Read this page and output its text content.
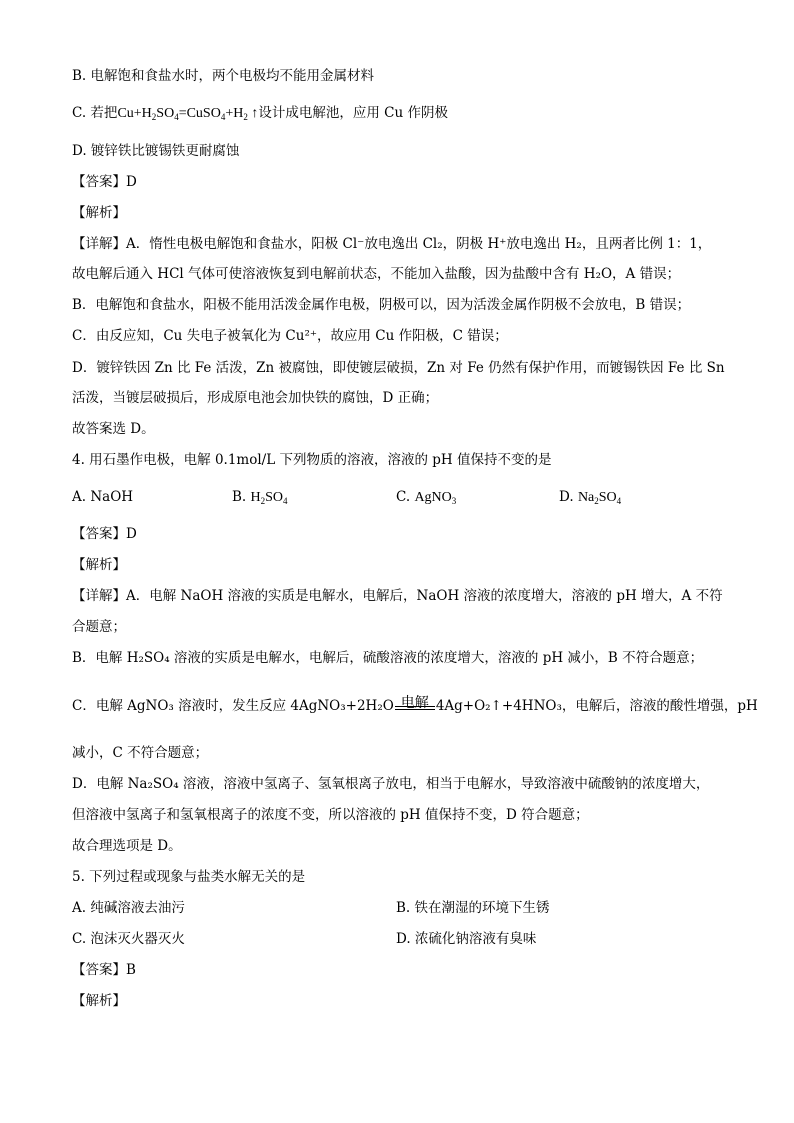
B. 电解饱和食盐水时，两个电极均不能用金属材料
C. 若把$Cu+H_2SO_4=CuSO_4+H_2$ ↑设计成电解池，应用 Cu 作阴极
D. 镀锌铁比镀锡铁更耐腐蚀
【答案】D
【解析】
【详解】A．惰性电极电解饱和食盐水，阳极 Cl⁻放电逸出 Cl₂，阴极 H⁺放电逸出 H₂，且两者比例 1：1，
故电解后通入 HCl 气体可使溶液恢复到电解前状态，不能加入盐酸，因为盐酸中含有 H₂O，A 错误；
B．电解饱和食盐水，阳极不能用活泼金属作电极，阴极可以，因为活泼金属作阴极不会放电，B 错误；
C．由反应知，Cu 失电子被氧化为 Cu²⁺，故应用 Cu 作阳极，C 错误；
D．镀锌铁因 Zn 比 Fe 活泼，Zn 被腐蚀，即使镀层破损，Zn 对 Fe 仍然有保护作用，而镀锡铁因 Fe 比 Sn
活泼，当镀层破损后，形成原电池会加快铁的腐蚀，D 正确；
故答案选 D。
4. 用石墨作电极，电解 0.1mol/L 下列物质的溶液，溶液的 pH 值保持不变的是
A. NaOH	B. $H_2SO_4$	C. AgNO$_3$	D. $Na_2SO_4$
【答案】D
【解析】
【详解】A．电解 NaOH 溶液的实质是电解水，电解后，NaOH 溶液的浓度增大，溶液的 pH 增大，A 不符
合题意；
B．电解 H₂SO₄ 溶液的实质是电解水，电解后，硫酸溶液的浓度增大，溶液的 pH 减小，B 不符合题意；
C．电解 AgNO₃ 溶液时，发生反应 4AgNO₃+2H₂O 电解 4Ag+O₂↑+4HNO₃，电解后，溶液的酸性增强，pH
减小，C 不符合题意；
D．电解 Na₂SO₄ 溶液，溶液中氢离子、氢氧根离子放电，相当于电解水，导致溶液中硫酸钠的浓度增大，
但溶液中氢离子和氢氧根离子的浓度不变，所以溶液的 pH 值保持不变，D 符合题意；
故合理选项是 D。
5. 下列过程或现象与盐类水解无关的是
A. 纯碱溶液去油污	B. 铁在潮湿的环境下生锈
C. 泡沫灭火器灭火	D. 浓硫化钠溶液有臭味
【答案】B
【解析】
